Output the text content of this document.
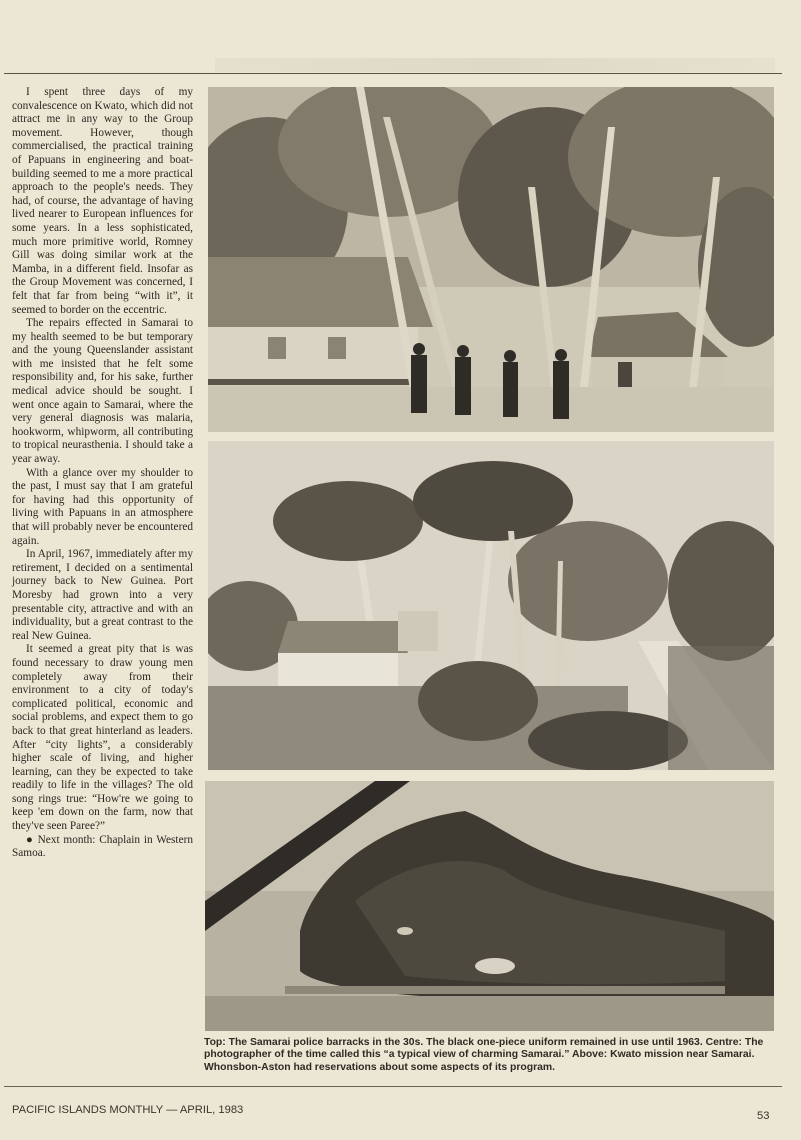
I spent three days of my convalescence on Kwato, which did not attract me in any way to the Group movement. However, though commercialised, the practical training of Papuans in engineering and boat-building seemed to me a more practical approach to the people's needs. They had, of course, the advantage of having lived nearer to European influences for some years. In a less sophisticated, much more primitive world, Romney Gill was doing similar work at the Mamba, in a different field. Insofar as the Group Movement was concerned, I felt that far from being “with it”, it seemed to border on the eccentric.

The repairs effected in Samarai to my health seemed to be but temporary and the young Queenslander assistant with me insisted that he felt some responsibility and, for his sake, further medical advice should be sought. I went once again to Samarai, where the very general diagnosis was malaria, hookworm, whipworm, all contributing to tropical neurasthenia. I should take a year away.

With a glance over my shoulder to the past, I must say that I am grateful for having had this opportunity of living with Papuans in an atmosphere that will probably never be encountered again.

In April, 1967, immediately after my retirement, I decided on a sentimental journey back to New Guinea. Port Moresby had grown into a very presentable city, attractive and with an individuality, but a great contrast to the real New Guinea.

It seemed a great pity that is was found necessary to draw young men completely away from their environment to a city of today's complicated political, economic and social problems, and expect them to go back to that great hinterland as leaders. After “city lights”, a considerably higher scale of living, and higher learning, can they be expected to take readily to life in the villages? The old song rings true: “How're we going to keep 'em down on the farm, now that they've seen Paree?”

● Next month: Chaplain in Western Samoa.

Top: The Samarai police barracks in the 30s. The black one-piece uniform remained in use until 1963. Centre: The photographer of the time called this “a typical view of charming Samarai.” Above: Kwato mission near Samarai. Whonsbon-Aston had reservations about some aspects of its program.
PACIFIC ISLANDS MONTHLY — APRIL, 1983	53
